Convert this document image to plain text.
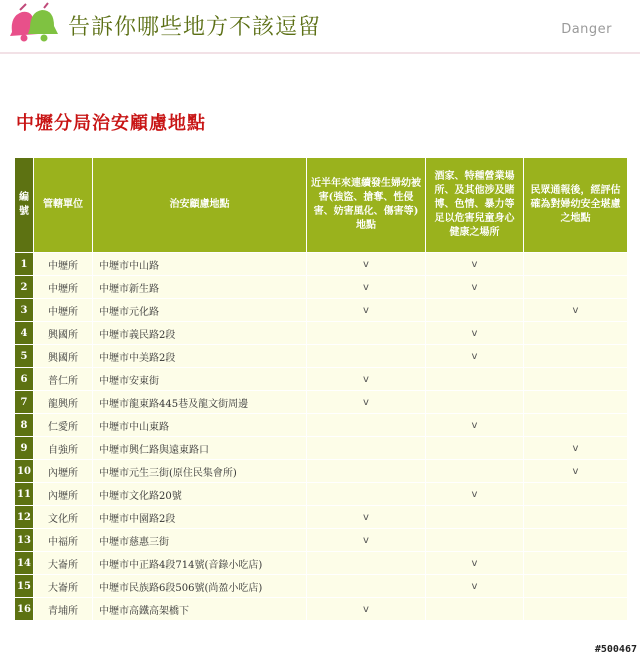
告訴你哪些地方不該逗留	Danger
中壢分局治安顧慮地點
編號	管轄單位	治安顧慮地點	近半年來連續發生婦幼被害(強盜、搶奪、性侵害、妨害風化、傷害等)地點	酒家、特種營業場所、及其他涉及賭博、色情、暴力等足以危害兒童身心健康之場所	民眾通報後，經評估確為對婦幼安全堪慮之地點
1	中壢所	中壢市中山路	v	v	
2	中壢所	中壢市新生路	v	v	
3	中壢所	中壢市元化路	v		v
4	興國所	中壢市義民路2段		v	
5	興國所	中壢市中美路2段		v	
6	普仁所	中壢市安東街	v		
7	龍興所	中壢市龍東路445巷及龍文街周邊	v		
8	仁愛所	中壢市中山東路		v	
9	自強所	中壢市興仁路與遠東路口			v
10	內壢所	中壢市元生三街(原住民集會所)			v
11	內壢所	中壢市文化路20號		v	
12	文化所	中壢市中園路2段	v		
13	中福所	中壢市慈惠三街	v		
14	大崙所	中壢市中正路4段714號(音錄小吃店)		v	
15	大崙所	中壢市民族路6段506號(尚盈小吃店)		v	
16	青埔所	中壢市高鐵高架橋下	v		
#500467
